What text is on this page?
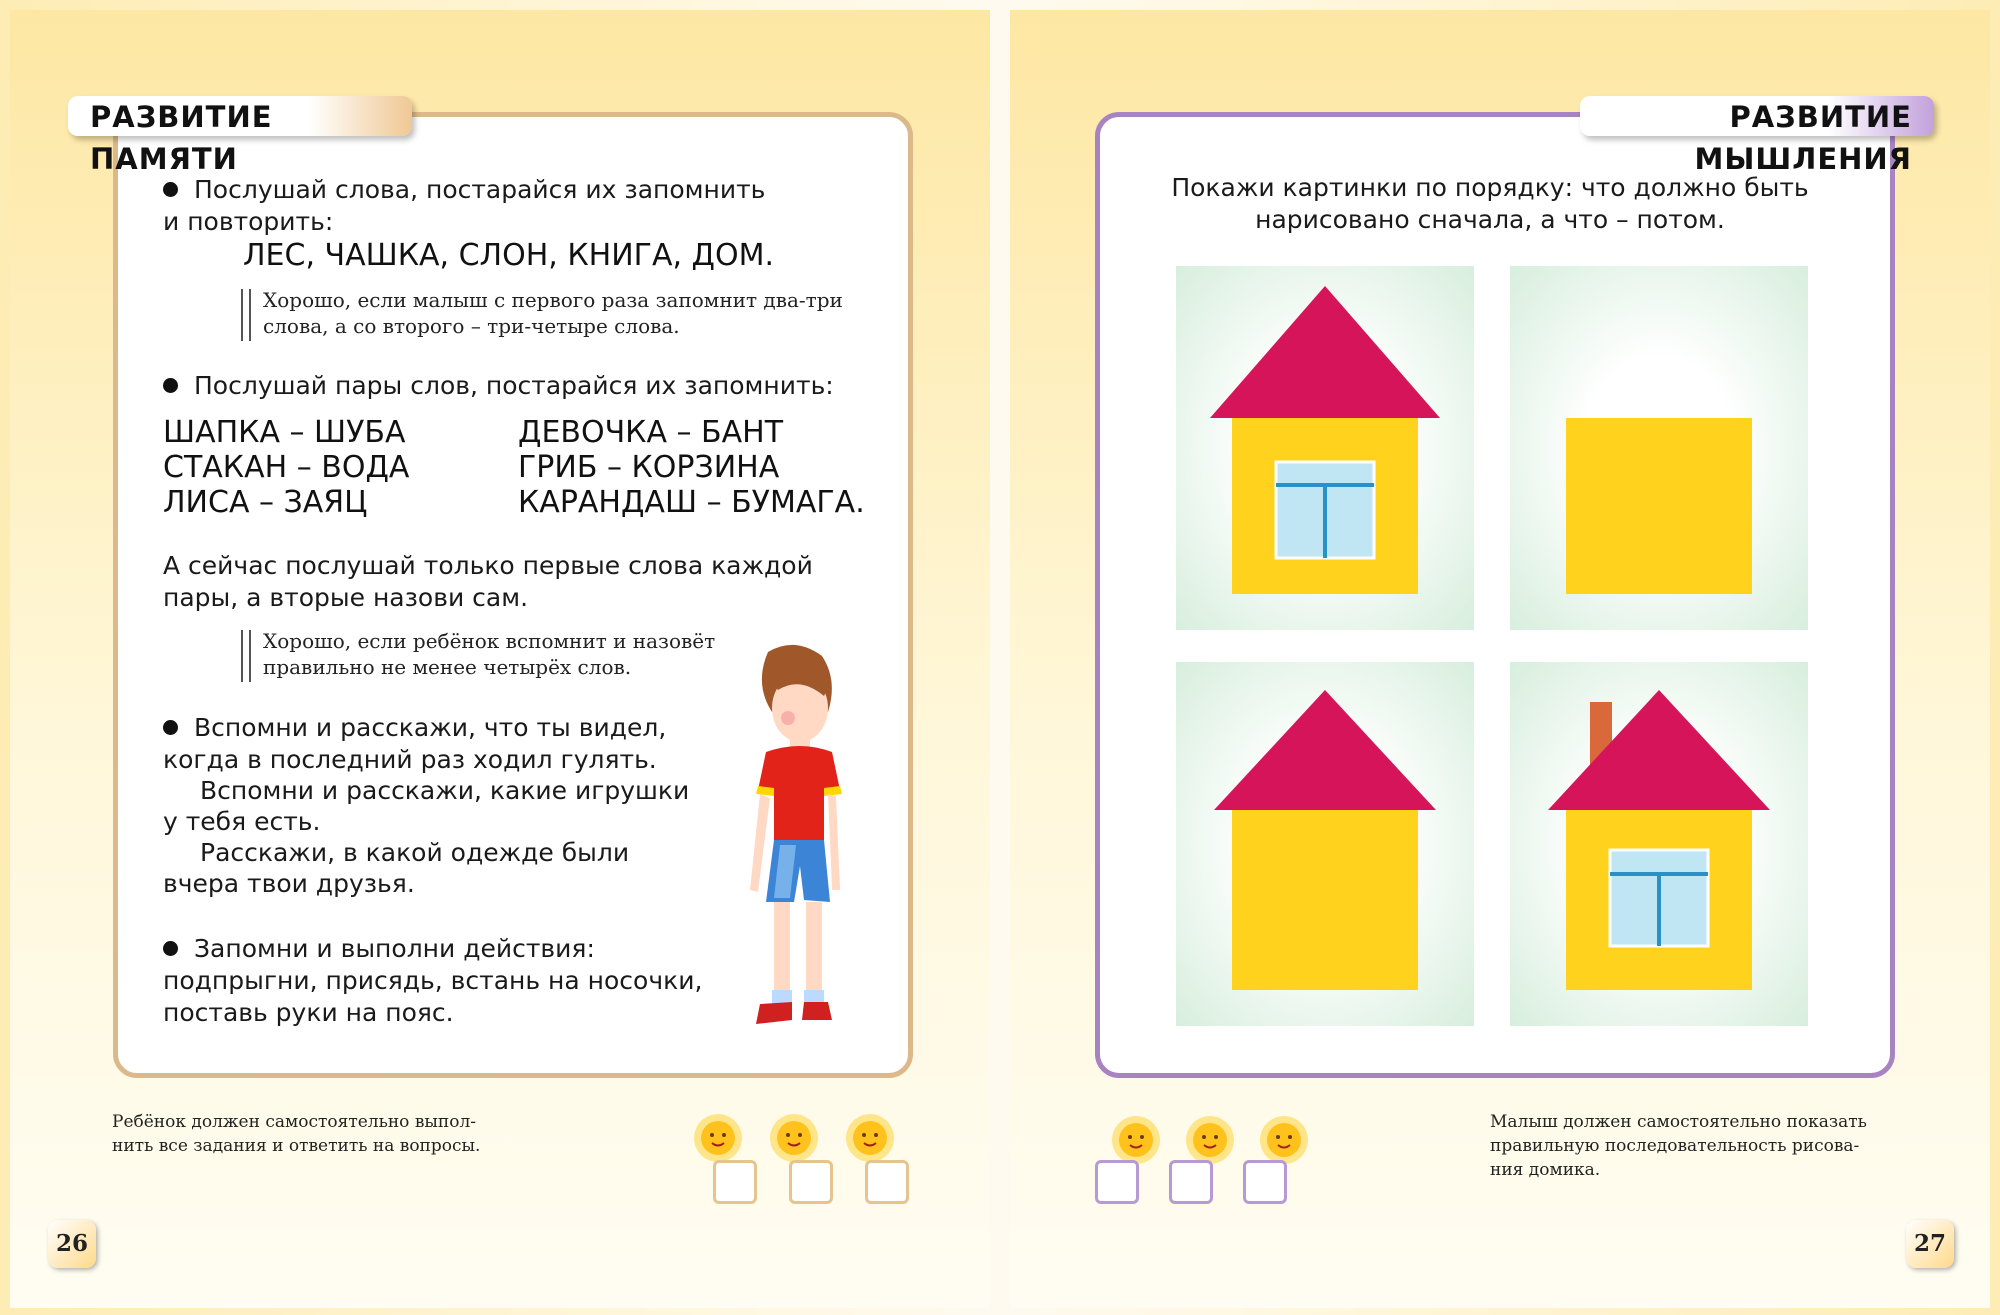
РАЗВИТИЕ ПАМЯТИ
Послушай слова, постарайся их запомнить
и повторить:
ЛЕС, ЧАШКА, СЛОН, КНИГА, ДОМ.
Хорошо, если малыш с первого раза запомнит два-три
слова, а со второго – три-четыре слова.
Послушай пары слов, постарайся их запомнить:
ШАПКА – ШУБА
СТАКАН – ВОДА
ЛИСА – ЗАЯЦ
ДЕВОЧКА – БАНТ
ГРИБ – КОРЗИНА
КАРАНДАШ – БУМАГА.
А сейчас послушай только первые слова каждой
пары, а вторые назови сам.
Хорошо, если ребёнок вспомнит и назовёт
правильно не менее четырёх слов.
Вспомни и расскажи, что ты видел,
когда в последний раз ходил гулять.
Вспомни и расскажи, какие игрушки
у тебя есть.
Расскажи, в какой одежде были
вчера твои друзья.
Запомни и выполни действия:
подпрыгни, присядь, встань на носочки,
поставь руки на пояс.
РАЗВИТИЕ МЫШЛЕНИЯ
Покажи картинки по порядку: что должно быть
нарисовано сначала, а что – потом.
Ребёнок должен самостоятельно выпол-
нить все задания и ответить на вопросы.
Малыш должен самостоятельно показать
правильную последовательность рисова-
ния домика.
26	27
